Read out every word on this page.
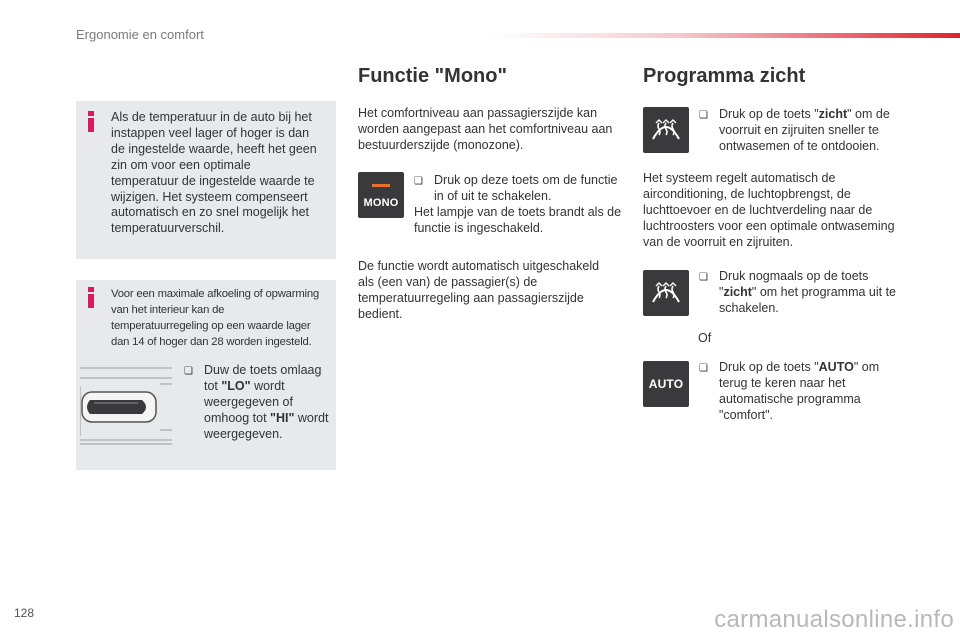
Ergonomie en comfort
Als de temperatuur in de auto bij het instappen veel lager of hoger is dan de ingestelde waarde, heeft het geen zin om voor een optimale temperatuur de ingestelde waarde te wijzigen. Het systeem compenseert automatisch en zo snel mogelijk het temperatuurverschil.
Voor een maximale afkoeling of opwarming van het interieur kan de temperatuurregeling op een waarde lager dan 14 of hoger dan 28 worden ingesteld.
❏ Duw de toets omlaag tot "LO" wordt weergegeven of omhoog tot "HI" wordt weergegeven.
Functie "Mono"
Het comfortniveau aan passagierszijde kan worden aangepast aan het comfortniveau aan bestuurderszijde (monozone).
MONO
❏ Druk op deze toets om de functie in of uit te schakelen.
Het lampje van de toets brandt als de functie is ingeschakeld.
De functie wordt automatisch uitgeschakeld als (een van) de passagier(s) de temperatuurregeling aan passagierszijde bedient.
Programma zicht
❏ Druk op de toets "zicht" om de voorruit en zijruiten sneller te ontwasemen of te ontdooien.
Het systeem regelt automatisch de airconditioning, de luchtopbrengst, de luchttoevoer en de luchtverdeling naar de luchtroosters voor een optimale ontwaseming van de voorruit en zijruiten.
❏ Druk nogmaals op de toets "zicht" om het programma uit te schakelen.
Of
AUTO
❏ Druk op de toets "AUTO" om terug te keren naar het automatische programma "comfort".
128	carmanualsonline.info
